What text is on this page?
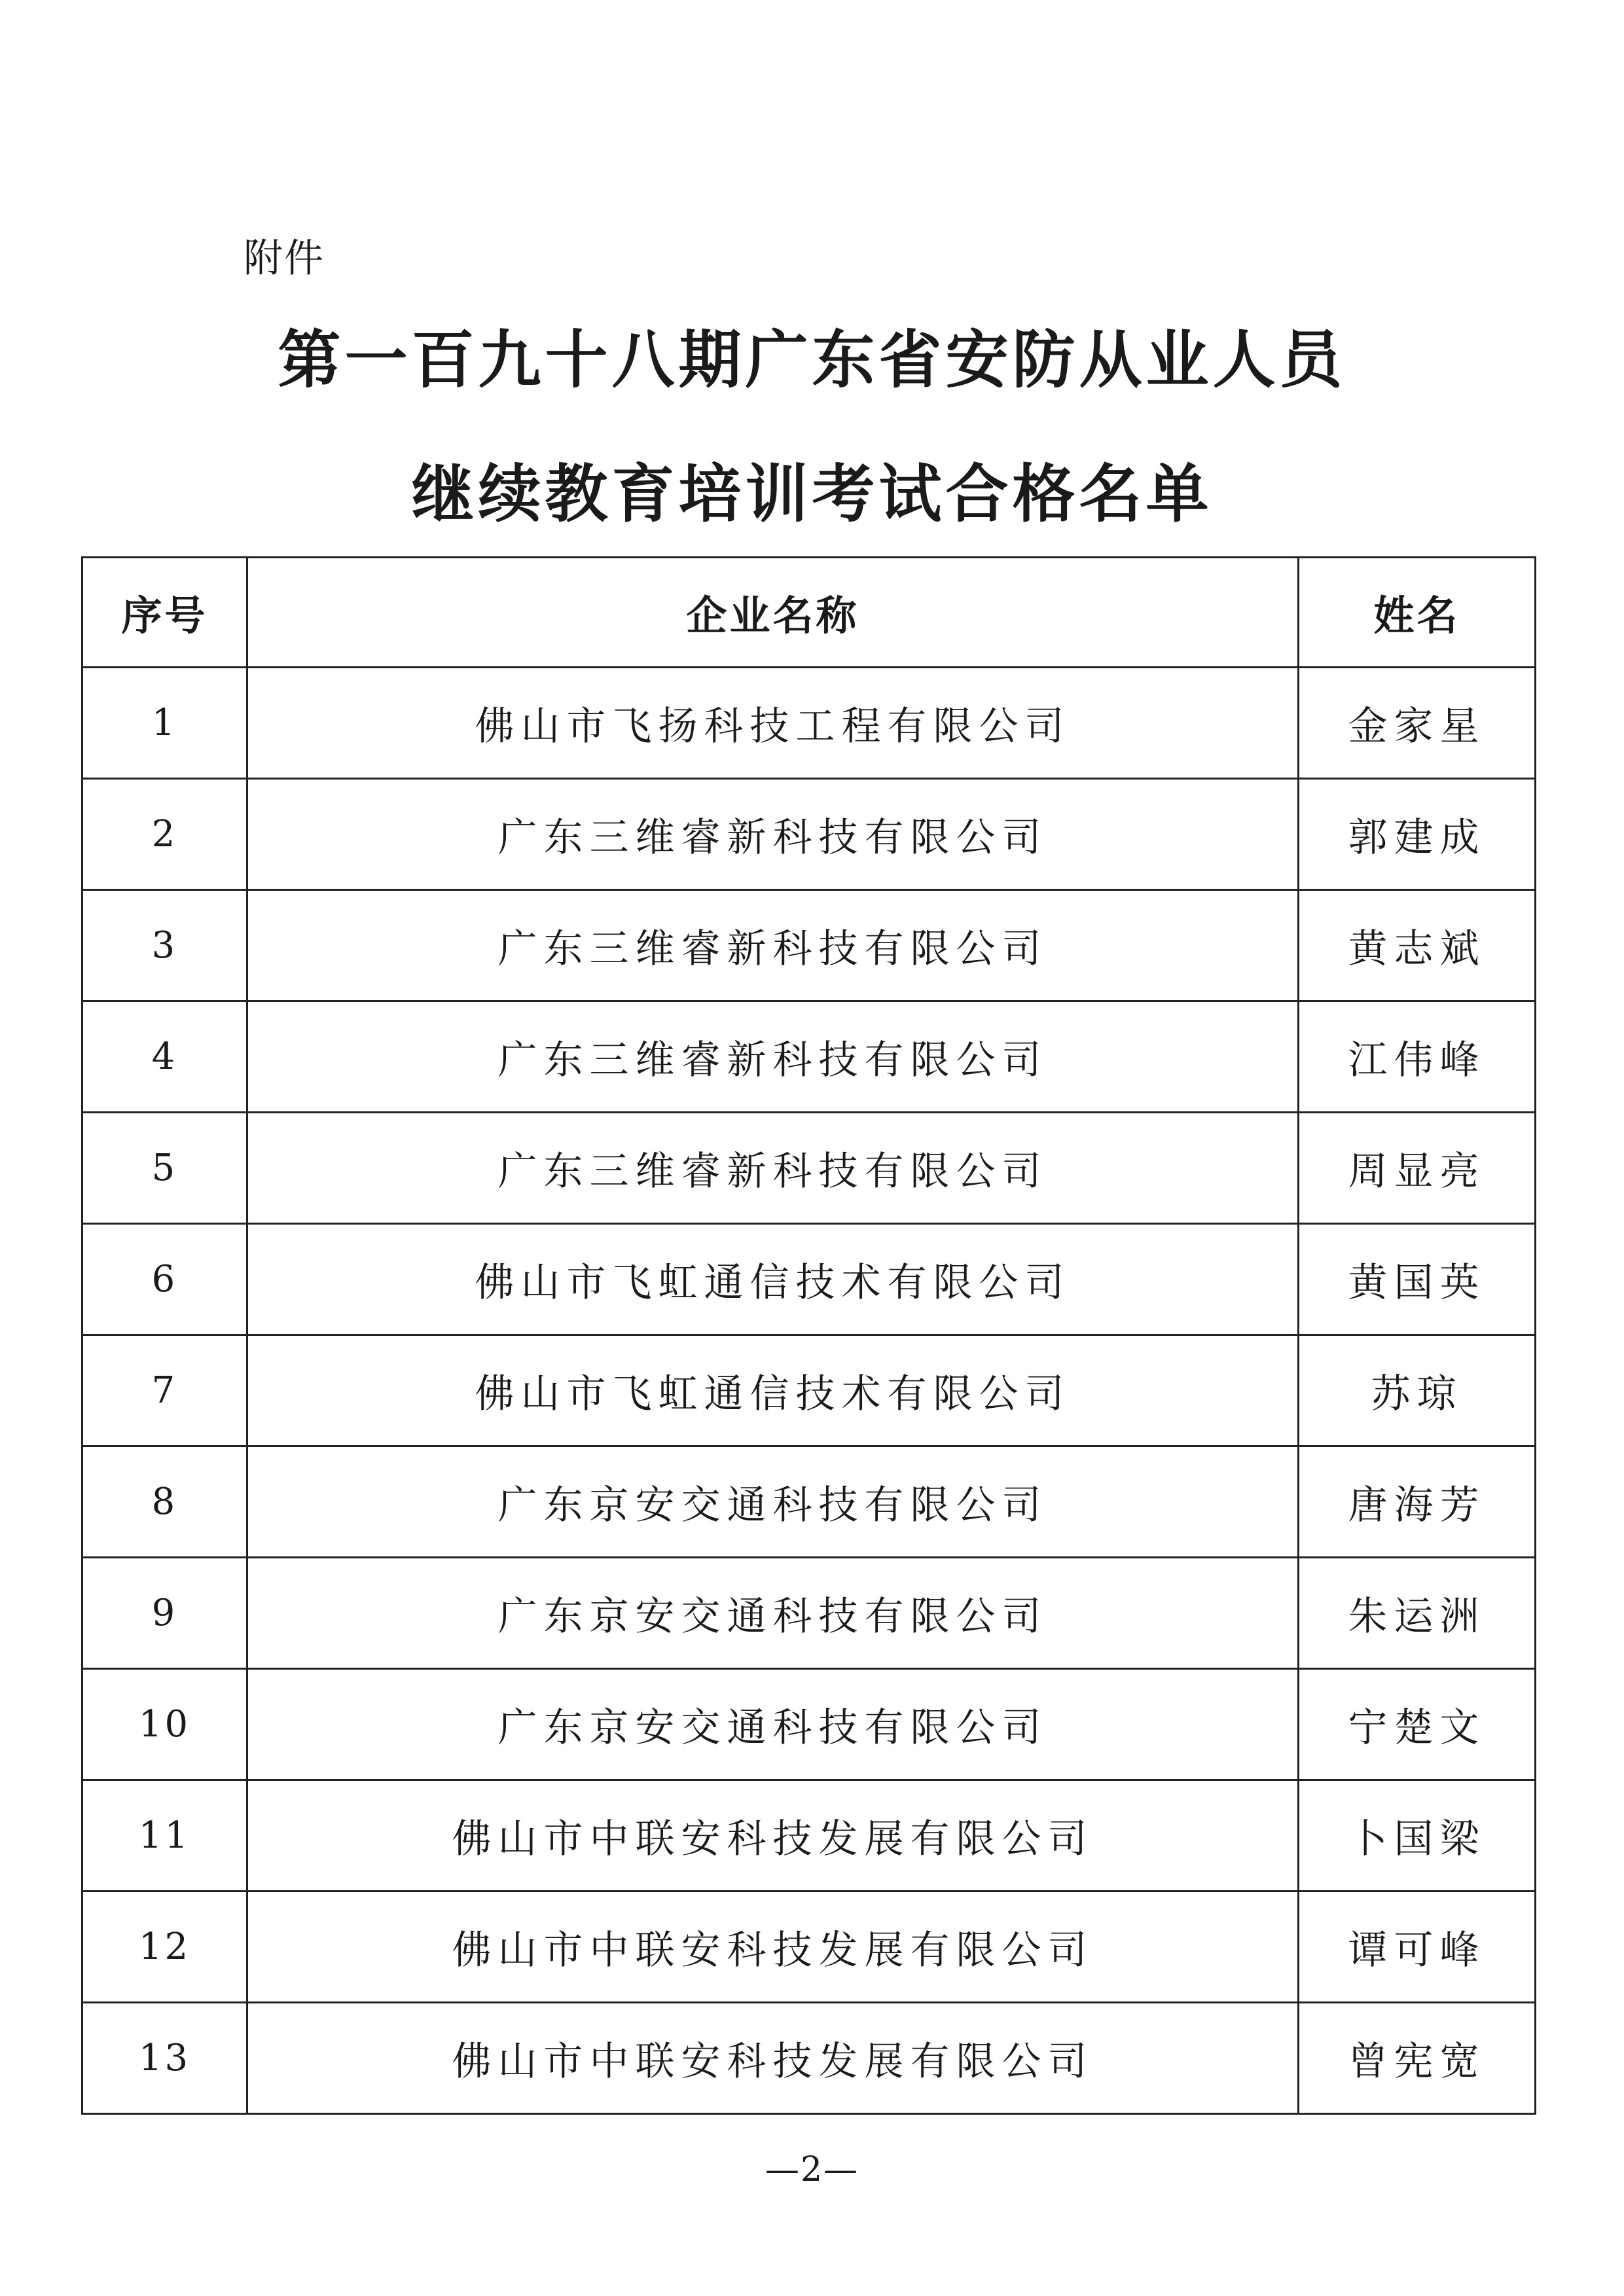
附件
第一百九十八期广东省安防从业人员
继续教育培训考试合格名单
序号	企业名称	姓名
1	佛山市飞扬科技工程有限公司	金家星
2	广东三维睿新科技有限公司	郭建成
3	广东三维睿新科技有限公司	黄志斌
4	广东三维睿新科技有限公司	江伟峰
5	广东三维睿新科技有限公司	周显亮
6	佛山市飞虹通信技术有限公司	黄国英
7	佛山市飞虹通信技术有限公司	苏琼
8	广东京安交通科技有限公司	唐海芳
9	广东京安交通科技有限公司	朱运洲
10	广东京安交通科技有限公司	宁楚文
11	佛山市中联安科技发展有限公司	卜国梁
12	佛山市中联安科技发展有限公司	谭可峰
13	佛山市中联安科技发展有限公司	曾宪宽
—2—
